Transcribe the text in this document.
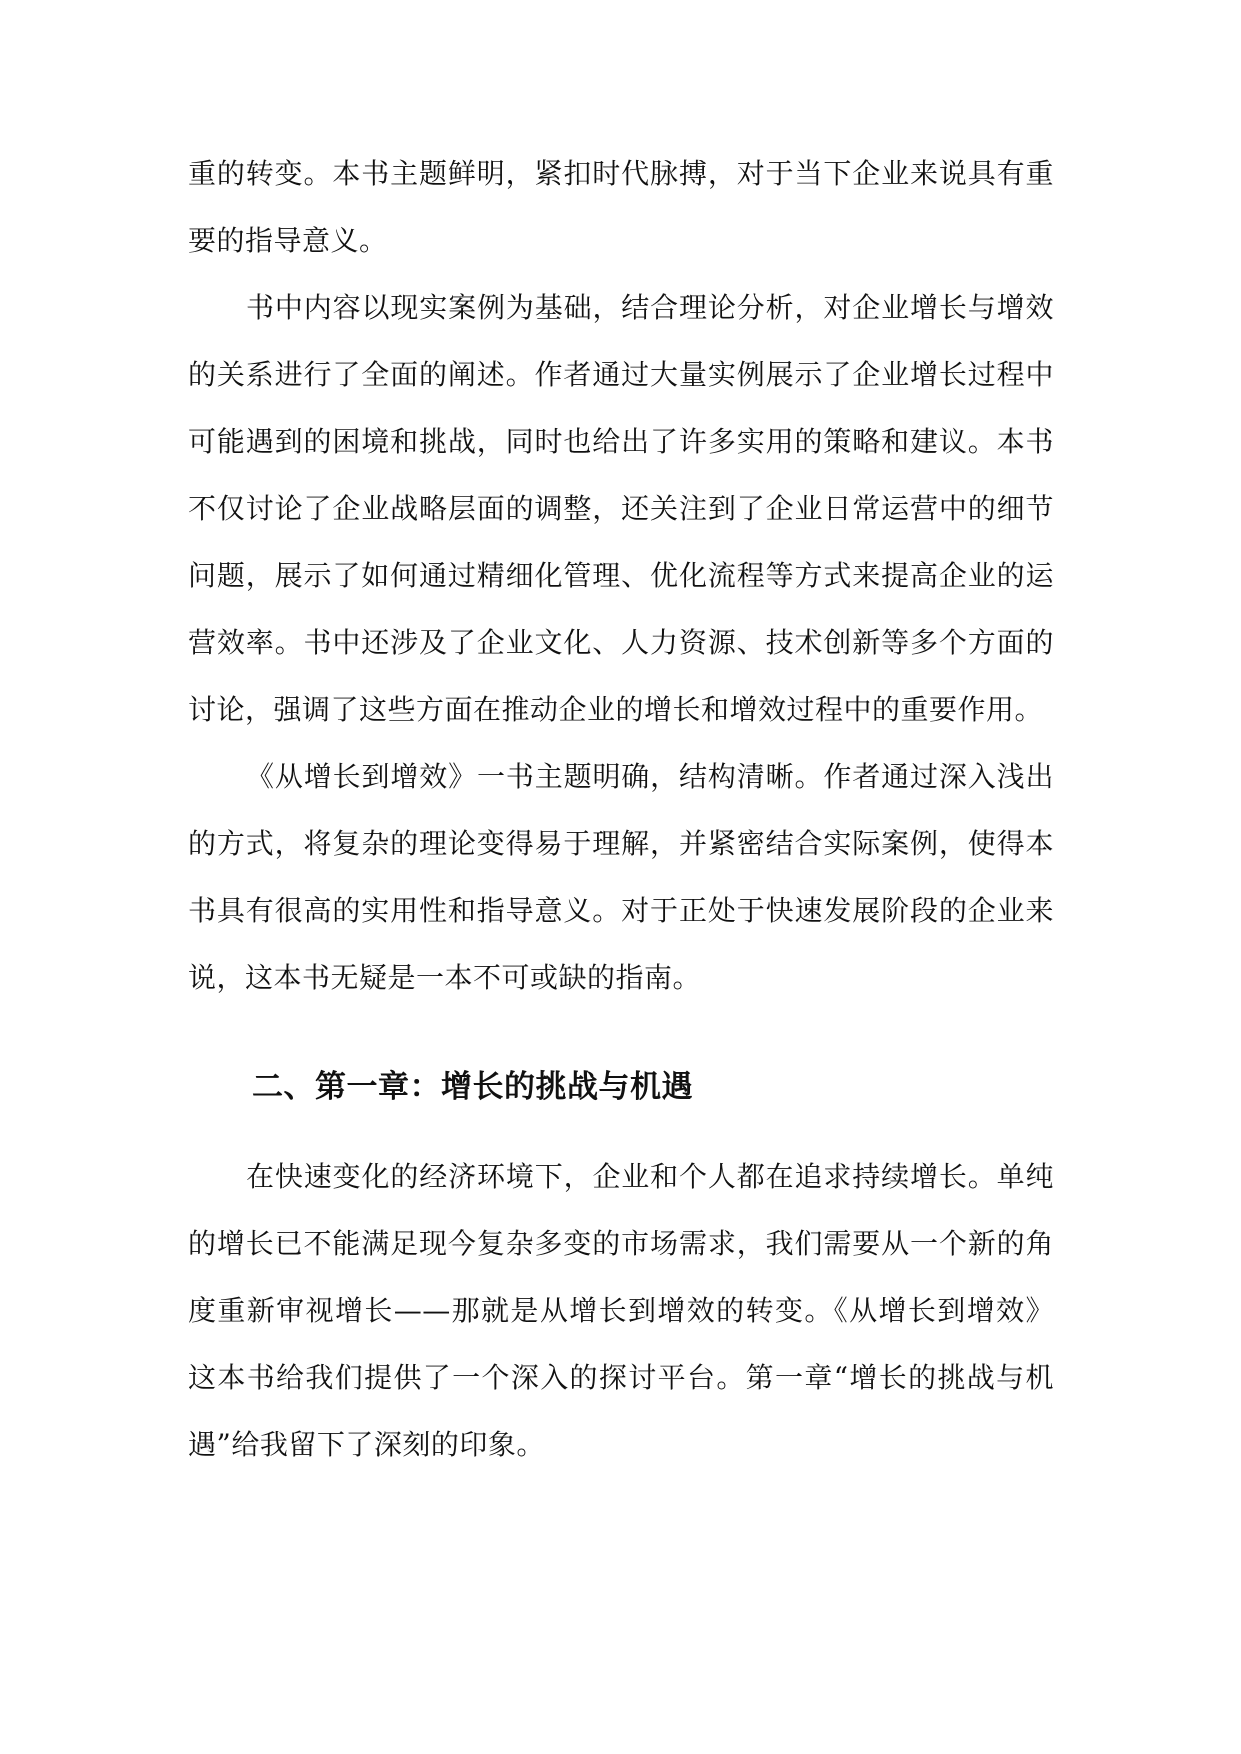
重的转变。本书主题鲜明，紧扣时代脉搏，对于当下企业来说具有重要的指导意义。

书中内容以现实案例为基础，结合理论分析，对企业增长与增效的关系进行了全面的阐述。作者通过大量实例展示了企业增长过程中可能遇到的困境和挑战，同时也给出了许多实用的策略和建议。本书不仅讨论了企业战略层面的调整，还关注到了企业日常运营中的细节问题，展示了如何通过精细化管理、优化流程等方式来提高企业的运营效率。书中还涉及了企业文化、人力资源、技术创新等多个方面的讨论，强调了这些方面在推动企业的增长和增效过程中的重要作用。

《从增长到增效》一书主题明确，结构清晰。作者通过深入浅出的方式，将复杂的理论变得易于理解，并紧密结合实际案例，使得本书具有很高的实用性和指导意义。对于正处于快速发展阶段的企业来说，这本书无疑是一本不可或缺的指南。

二、第一章：增长的挑战与机遇

在快速变化的经济环境下，企业和个人都在追求持续增长。单纯的增长已不能满足现今复杂多变的市场需求，我们需要从一个新的角度重新审视增长——那就是从增长到增效的转变。《从增长到增效》这本书给我们提供了一个深入的探讨平台。第一章“增长的挑战与机遇”给我留下了深刻的印象。
